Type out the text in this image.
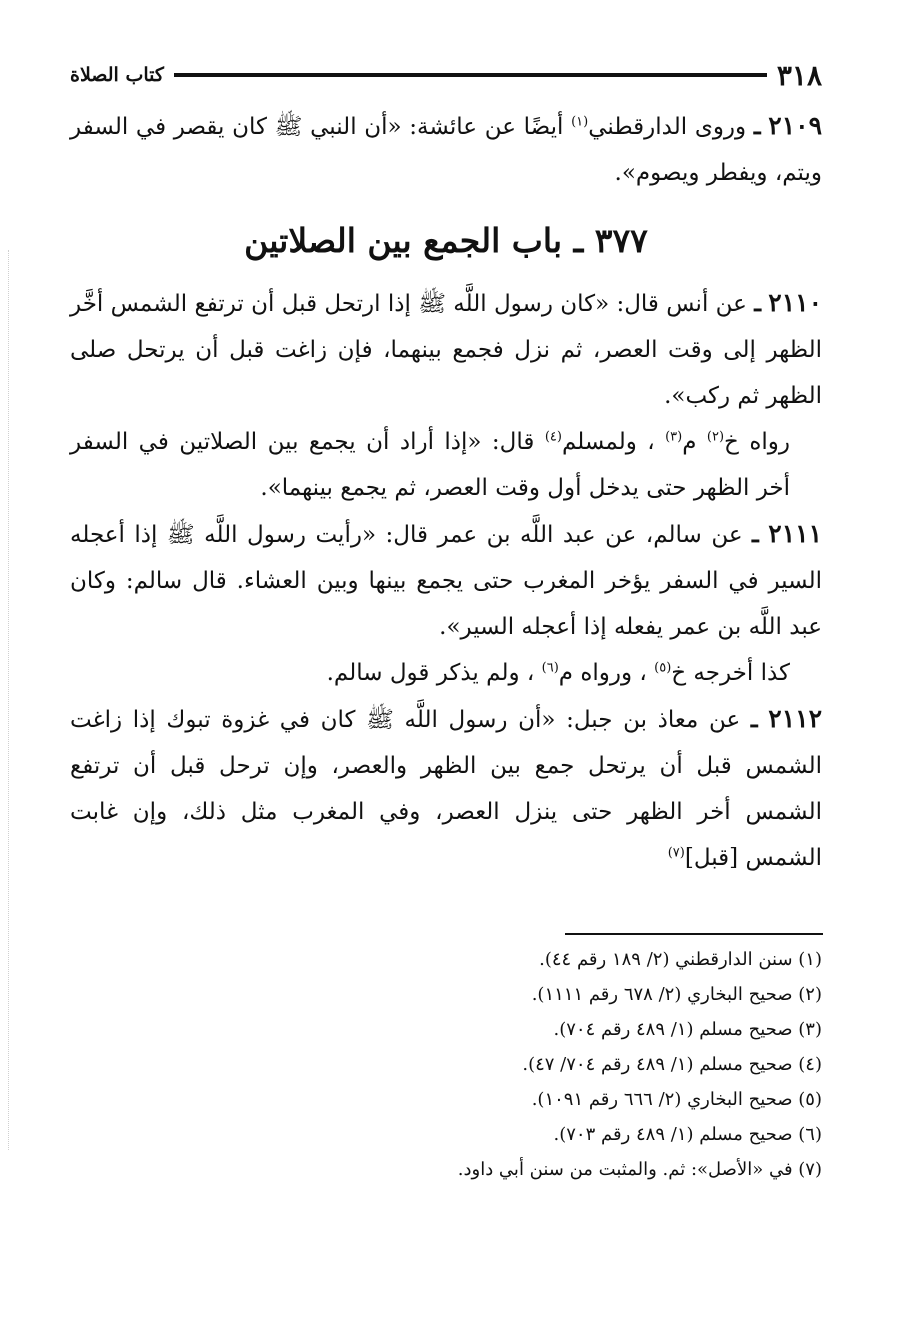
٣١٨
كتاب الصلاة

٢١٠٩ ـ وروى الدارقطني$^{(١)}$ أيضًا عن عائشة: «أن النبي ﷺ كان يقصر في السفر ويتم، ويفطر ويصوم».

٣٧٧ ـ باب الجمع بين الصلاتين

٢١١٠ ـ عن أنس قال: «كان رسول اللَّه ﷺ إذا ارتحل قبل أن ترتفع الشمس أخَّر الظهر إلى وقت العصر، ثم نزل فجمع بينهما، فإن زاغت قبل أن يرتحل صلى الظهر ثم ركب».

رواه خ$^{(٢)}$ م$^{(٣)}$ ، ولمسلم$^{(٤)}$ قال: «إذا أراد أن يجمع بين الصلاتين في السفر أخر الظهر حتى يدخل أول وقت العصر، ثم يجمع بينهما».

٢١١١ ـ عن سالم، عن عبد اللَّه بن عمر قال: «رأيت رسول اللَّه ﷺ إذا أعجله السير في السفر يؤخر المغرب حتى يجمع بينها وبين العشاء. قال سالم: وكان عبد اللَّه بن عمر يفعله إذا أعجله السير».

كذا أخرجه خ$^{(٥)}$ ، ورواه م$^{(٦)}$ ، ولم يذكر قول سالم.

٢١١٢ ـ عن معاذ بن جبل: «أن رسول اللَّه ﷺ كان في غزوة تبوك إذا زاغت الشمس قبل أن يرتحل جمع بين الظهر والعصر، وإن ترحل قبل أن ترتفع الشمس أخر الظهر حتى ينزل العصر، وفي المغرب مثل ذلك، وإن غابت الشمس [قبل]$^{(٧)}$

(١) سنن الدارقطني (٢/ ١٨٩ رقم ٤٤).
(٢) صحيح البخاري (٢/ ٦٧٨ رقم ١١١١).
(٣) صحيح مسلم (١/ ٤٨٩ رقم ٧٠٤).
(٤) صحيح مسلم (١/ ٤٨٩ رقم ٧٠٤/ ٤٧).
(٥) صحيح البخاري (٢/ ٦٦٦ رقم ١٠٩١).
(٦) صحيح مسلم (١/ ٤٨٩ رقم ٧٠٣).
(٧) في «الأصل»: ثم. والمثبت من سنن أبي داود.
